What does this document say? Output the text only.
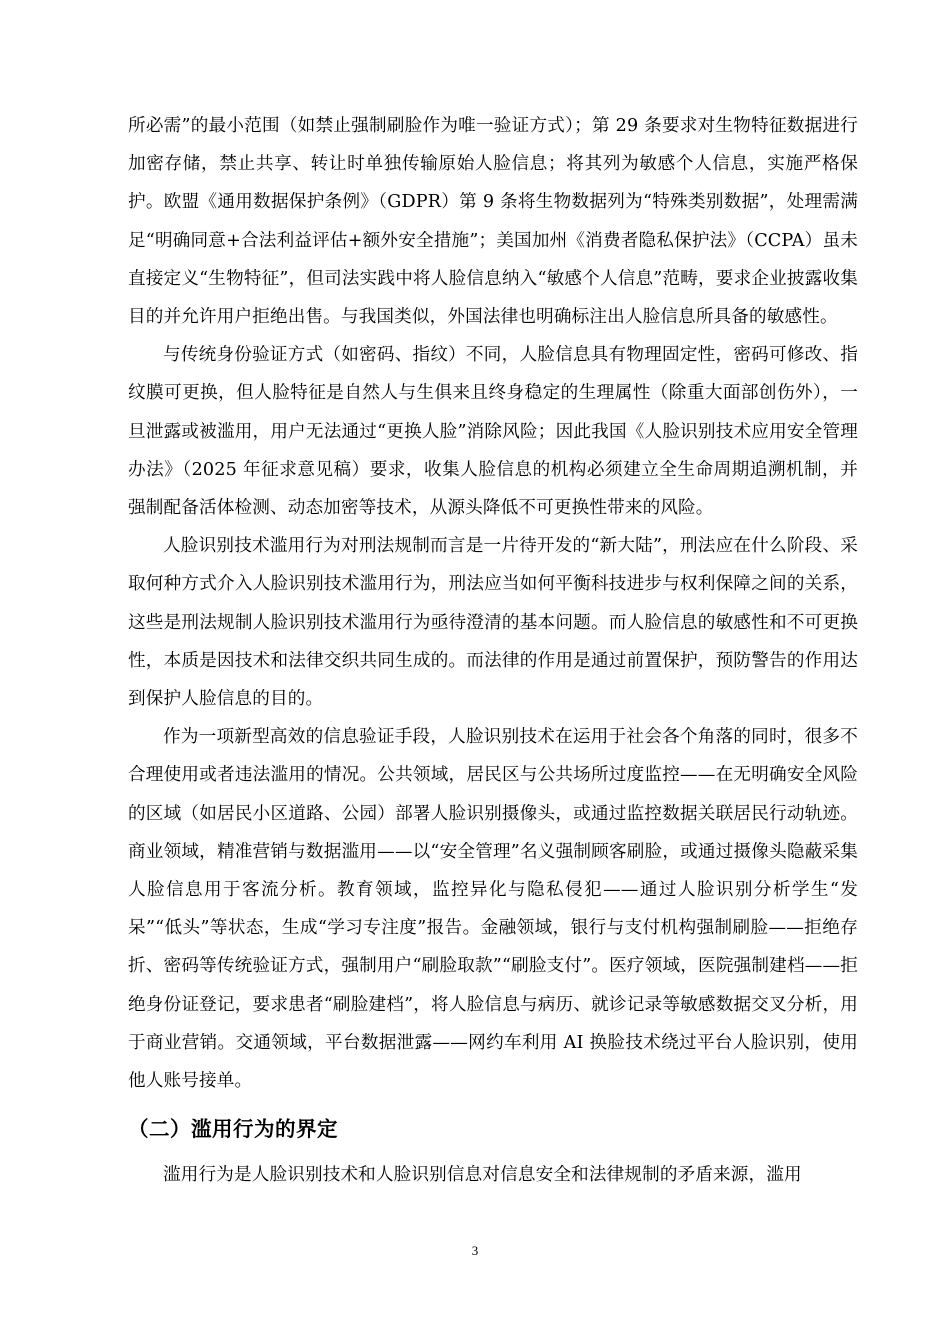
所必需”的最小范围（如禁止强制刷脸作为唯一验证方式）；第 29 条要求对生物特征数据进行加密存储，禁止共享、转让时单独传输原始人脸信息；将其列为敏感个人信息，实施严格保护。欧盟《通用数据保护条例》（GDPR）第 9 条将生物数据列为“特殊类别数据”，处理需满足“明确同意+合法利益评估+额外安全措施”；美国加州《消费者隐私保护法》（CCPA）虽未直接定义“生物特征”，但司法实践中将人脸信息纳入“敏感个人信息”范畴，要求企业披露收集目的并允许用户拒绝出售。与我国类似，外国法律也明确标注出人脸信息所具备的敏感性。

与传统身份验证方式（如密码、指纹）不同，人脸信息具有物理固定性，密码可修改、指纹膜可更换，但人脸特征是自然人与生俱来且终身稳定的生理属性（除重大面部创伤外），一旦泄露或被滥用，用户无法通过“更换人脸”消除风险；因此我国《人脸识别技术应用安全管理办法》（2025 年征求意见稿）要求，收集人脸信息的机构必须建立全生命周期追溯机制，并强制配备活体检测、动态加密等技术，从源头降低不可更换性带来的风险。

人脸识别技术滥用行为对刑法规制而言是一片待开发的“新大陆”，刑法应在什么阶段、采取何种方式介入人脸识别技术滥用行为，刑法应当如何平衡科技进步与权利保障之间的关系，这些是刑法规制人脸识别技术滥用行为亟待澄清的基本问题。而人脸信息的敏感性和不可更换性，本质是因技术和法律交织共同生成的。而法律的作用是通过前置保护，预防警告的作用达到保护人脸信息的目的。

作为一项新型高效的信息验证手段，人脸识别技术在运用于社会各个角落的同时，很多不合理使用或者违法滥用的情况。公共领域，居民区与公共场所过度监控——在无明确安全风险的区域（如居民小区道路、公园）部署人脸识别摄像头，或通过监控数据关联居民行动轨迹。商业领域，精准营销与数据滥用——以“安全管理”名义强制顾客刷脸，或通过摄像头隐蔽采集人脸信息用于客流分析。教育领域，监控异化与隐私侵犯——通过人脸识别分析学生“发呆”“低头”等状态，生成“学习专注度”报告。金融领域，银行与支付机构强制刷脸——拒绝存折、密码等传统验证方式，强制用户“刷脸取款”“刷脸支付”。医疗领域，医院强制建档——拒绝身份证登记，要求患者“刷脸建档”，将人脸信息与病历、就诊记录等敏感数据交叉分析，用于商业营销。交通领域，平台数据泄露——网约车利用 AI 换脸技术绕过平台人脸识别，使用他人账号接单。

（二）滥用行为的界定

滥用行为是人脸识别技术和人脸识别信息对信息安全和法律规制的矛盾来源，滥用

3
